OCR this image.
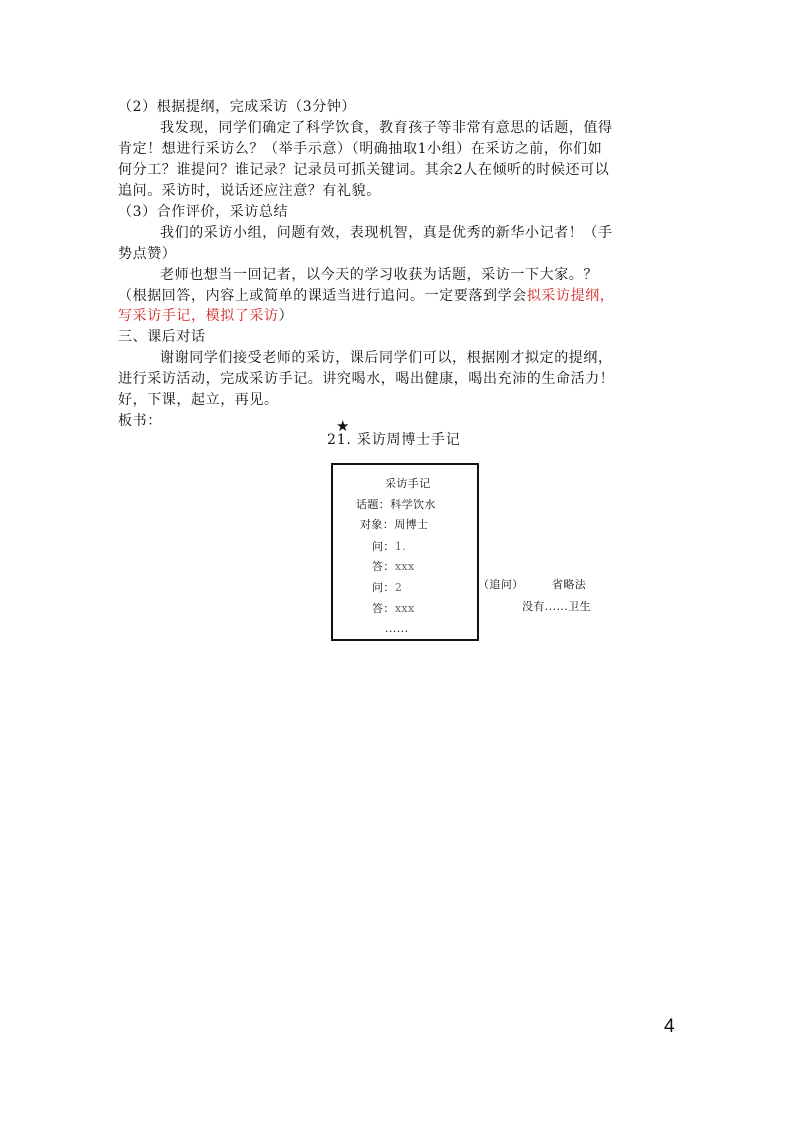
（2）根据提纲，完成采访（3分钟）
我发现，同学们确定了科学饮食，教育孩子等非常有意思的话题，值得
肯定！想进行采访么？（举手示意）（明确抽取1小组）在采访之前，你们如
何分工？谁提问？谁记录？记录员可抓关键词。其余2人在倾听的时候还可以
追问。采访时，说话还应注意？有礼貌。
（3）合作评价，采访总结
我们的采访小组，问题有效，表现机智，真是优秀的新华小记者！（手
势点赞）
老师也想当一回记者，以今天的学习收获为话题，采访一下大家。？
（根据回答，内容上或简单的课适当进行追问。一定要落到学会拟采访提纲，
写采访手记，模拟了采访）
三、课后对话
谢谢同学们接受老师的采访，课后同学们可以，根据刚才拟定的提纲，
进行采访活动，完成采访手记。讲究喝水，喝出健康，喝出充沛的生命活力！
好，下课，起立，再见。
板书：	★
21. 采访周博士手记
采访手记
话题：科学饮水
对象：周博士
问：1.
答：xxx
问：2
答：xxx
......
（追问）	省略法
没有......卫生
4
